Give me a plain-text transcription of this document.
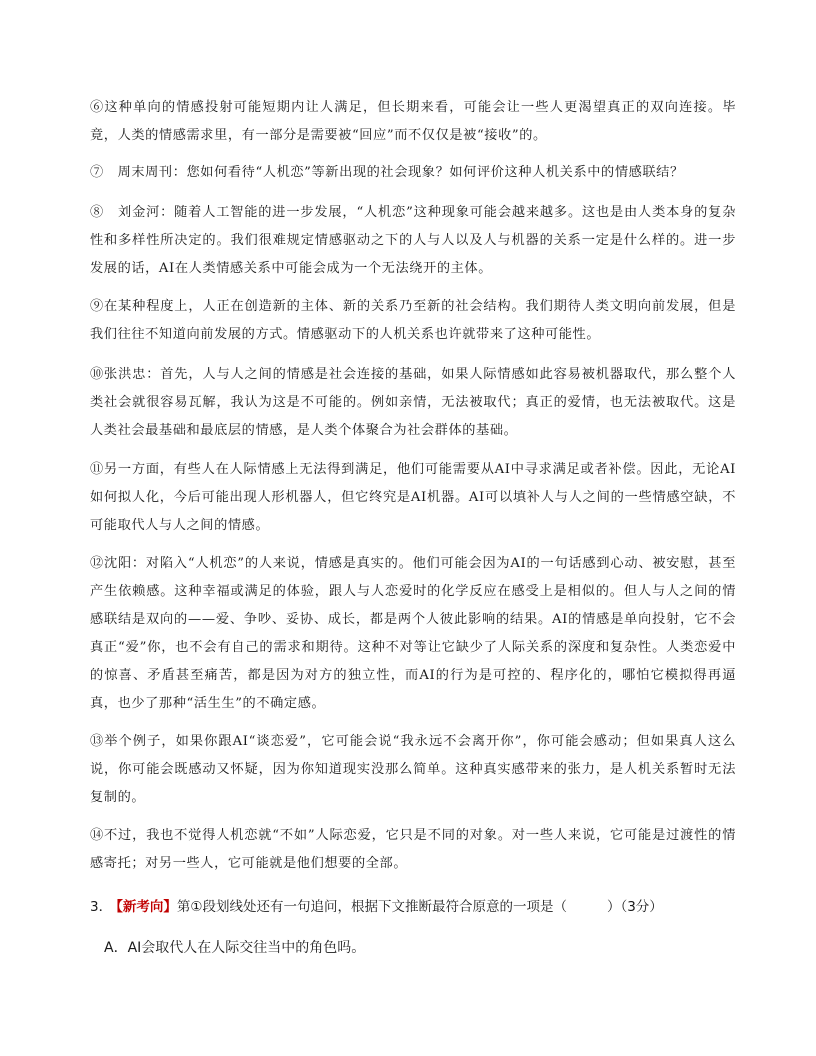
⑥这种单向的情感投射可能短期内让人满足，但长期来看，可能会让一些人更渴望真正的双向连接。毕竟，人类的情感需求里，有一部分是需要被“回应”而不仅仅是被“接收”的。

⑦　周末周刊：您如何看待“人机恋”等新出现的社会现象？如何评价这种人机关系中的情感联结？

⑧　刘金河：随着人工智能的进一步发展，“人机恋”这种现象可能会越来越多。这也是由人类本身的复杂性和多样性所决定的。我们很难规定情感驱动之下的人与人以及人与机器的关系一定是什么样的。进一步发展的话，AI在人类情感关系中可能会成为一个无法绕开的主体。

⑨在某种程度上，人正在创造新的主体、新的关系乃至新的社会结构。我们期待人类文明向前发展，但是我们往往不知道向前发展的方式。情感驱动下的人机关系也许就带来了这种可能性。

⑩张洪忠：首先，人与人之间的情感是社会连接的基础，如果人际情感如此容易被机器取代，那么整个人类社会就很容易瓦解，我认为这是不可能的。例如亲情，无法被取代；真正的爱情，也无法被取代。这是人类社会最基础和最底层的情感，是人类个体聚合为社会群体的基础。

⑪另一方面，有些人在人际情感上无法得到满足，他们可能需要从AI中寻求满足或者补偿。因此，无论AI如何拟人化，今后可能出现人形机器人，但它终究是AI机器。AI可以填补人与人之间的一些情感空缺，不可能取代人与人之间的情感。

⑫沈阳：对陷入“人机恋”的人来说，情感是真实的。他们可能会因为AI的一句话感到心动、被安慰，甚至产生依赖感。这种幸福或满足的体验，跟人与人恋爱时的化学反应在感受上是相似的。但人与人之间的情感联结是双向的——爱、争吵、妥协、成长，都是两个人彼此影响的结果。AI的情感是单向投射，它不会真正“爱”你，也不会有自己的需求和期待。这种不对等让它缺少了人际关系的深度和复杂性。人类恋爱中的惊喜、矛盾甚至痛苦，都是因为对方的独立性，而AI的行为是可控的、程序化的，哪怕它模拟得再逼真，也少了那种“活生生”的不确定感。

⑬举个例子，如果你跟AI“谈恋爱”，它可能会说“我永远不会离开你”，你可能会感动；但如果真人这么说，你可能会既感动又怀疑，因为你知道现实没那么简单。这种真实感带来的张力，是人机关系暂时无法复制的。

⑭不过，我也不觉得人机恋就“不如”人际恋爱，它只是不同的对象。对一些人来说，它可能是过渡性的情感寄托；对另一些人，它可能就是他们想要的全部。

3． 【新考向】第①段划线处还有一句追问，根据下文推断最符合原意的一项是（	）（3分）

A．AI会取代人在人际交往当中的角色吗。
